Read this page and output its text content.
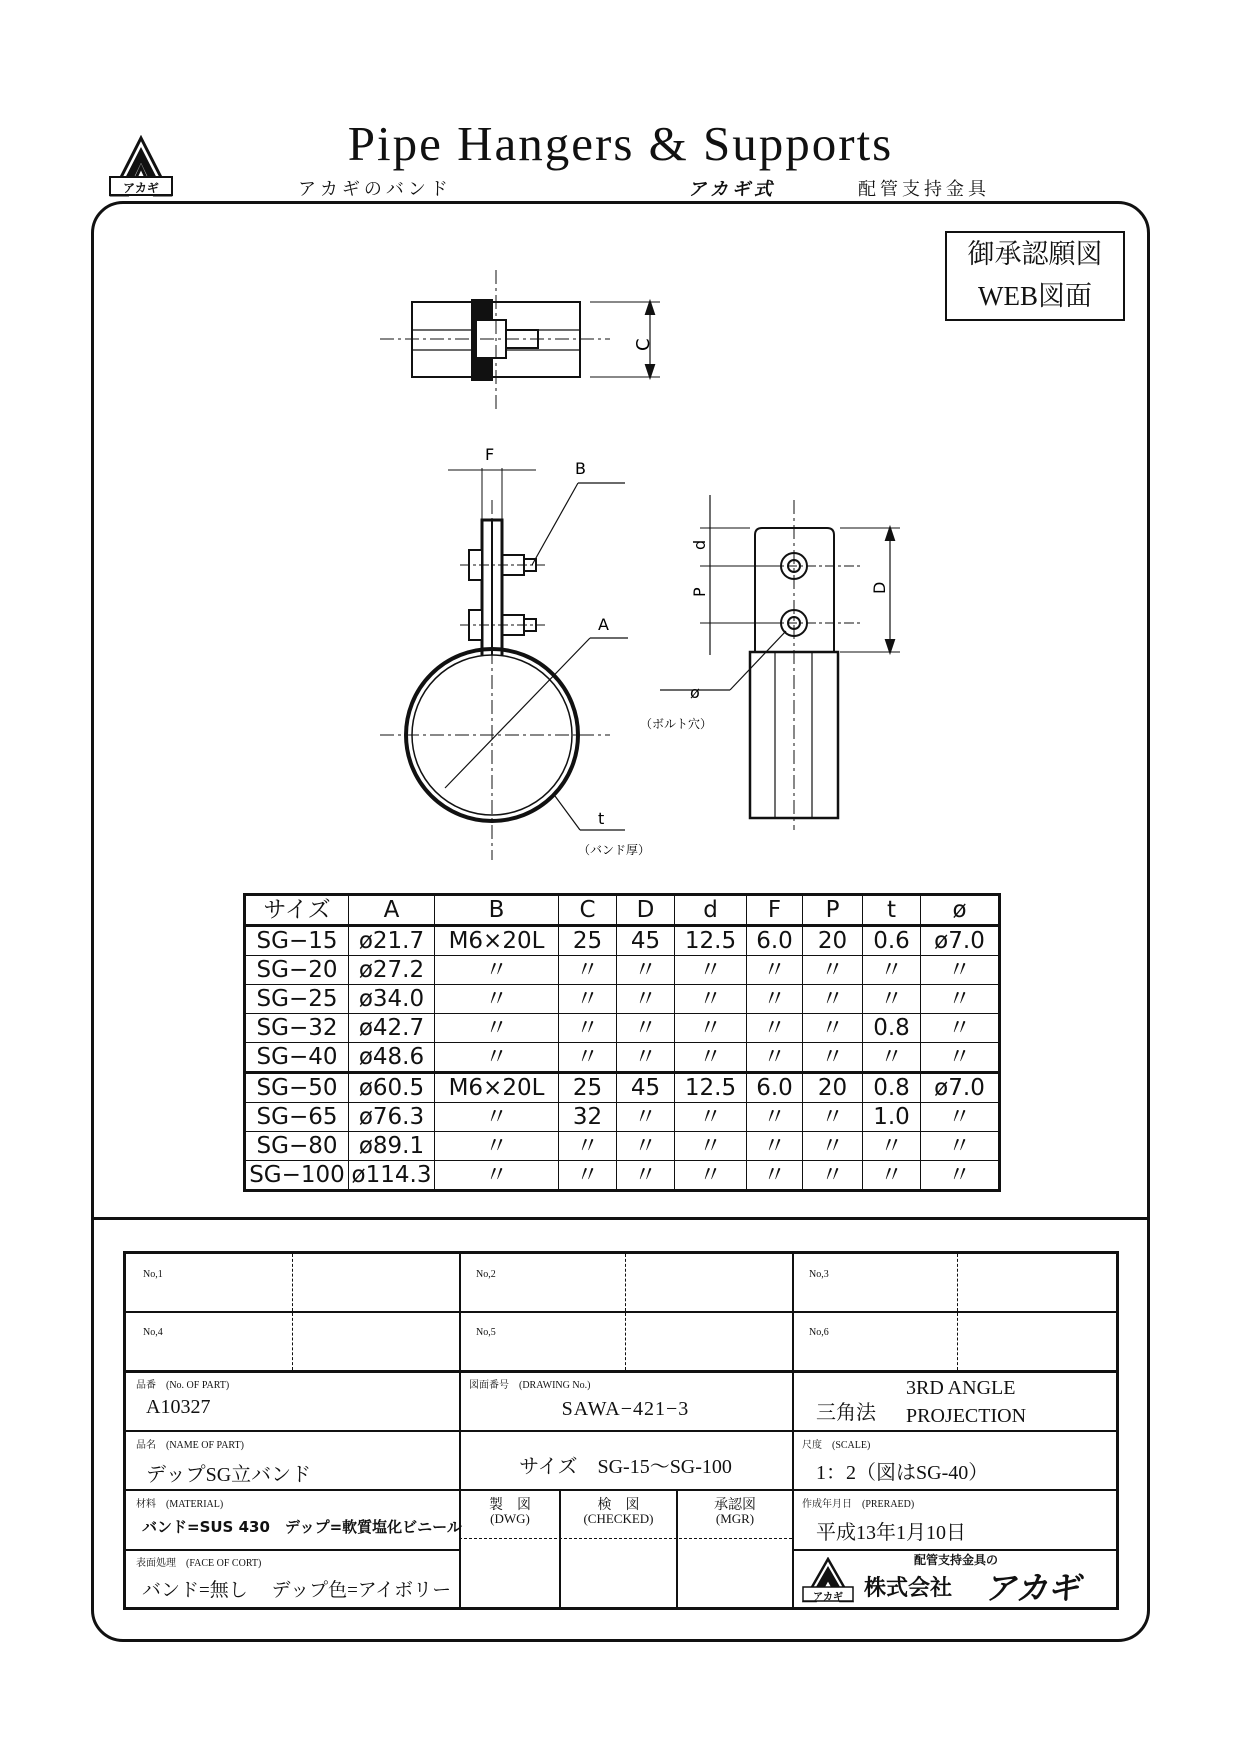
アカギ
Pipe Hangers & Supports
アカギのバンド	アカギ式	配管支持金具
御承認願図
WEB図面
C
F
B
A
t
（バンド厚）
d
P	D
ø
（ボルト穴）
サイズ	A	B	C	D	d	F	P	t	ø
SG−15	ø21.7	M6×20L	25	45	12.5	6.0	20	0.6	ø7.0
SG−20	ø27.2	〃	〃	〃	〃	〃	〃	〃	〃
SG−25	ø34.0	〃	〃	〃	〃	〃	〃	〃	〃
SG−32	ø42.7	〃	〃	〃	〃	〃	〃	0.8	〃
SG−40	ø48.6	〃	〃	〃	〃	〃	〃	〃	〃
SG−50	ø60.5	M6×20L	25	45	12.5	6.0	20	0.8	ø7.0
SG−65	ø76.3	〃	32	〃	〃	〃	〃	1.0	〃
SG−80	ø89.1	〃	〃	〃	〃	〃	〃	〃	〃
SG−100	ø114.3	〃	〃	〃	〃	〃	〃	〃	〃
No,1	No,2	No,3
No,4	No,5	No,6
品番　(No. OF PART)
A10327
図面番号　(DRAWING No.)
SAWA−421−3	三角法
3RD ANGLE
PROJECTION
品名　(NAME OF PART)
デップSG立バンド	サイズ　SG-15〜SG-100
尺度　(SCALE)
1：2（図はSG-40）
材料　(MATERIAL)
バンド=SUS 430　デップ=軟質塩化ビニール
製　図
(DWG)
検　図
(CHECKED)
承認図
(MGR)
作成年月日　(PRERAED)
平成13年1月10日
表面処理　(FACE OF CORT)
バンド=無し　 デップ色=アイボリー	アカギ
配管支持金具の
株式会社 アカギ
